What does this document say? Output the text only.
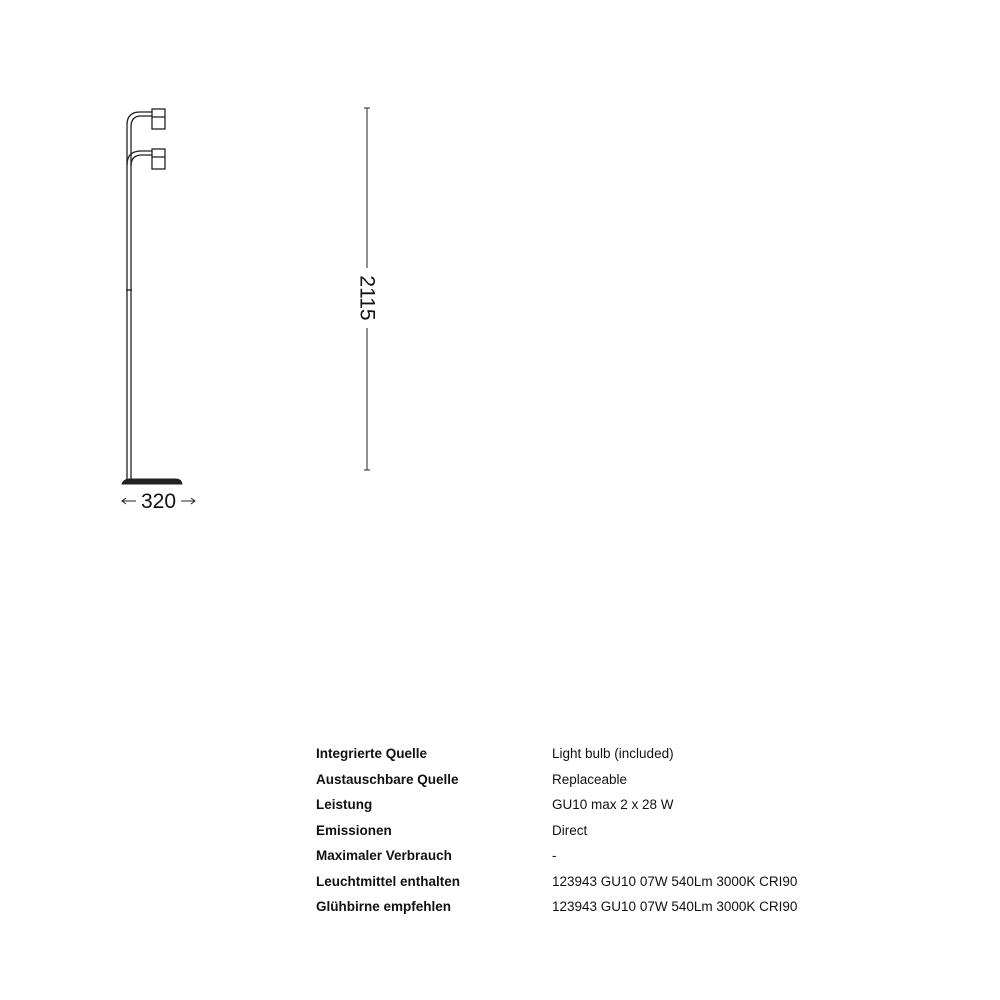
2115
320
Integrierte Quelle	Light bulb (included)
Austauschbare Quelle	Replaceable
Leistung	GU10 max 2 x 28 W
Emissionen	Direct
Maximaler Verbrauch	-
Leuchtmittel enthalten	123943 GU10 07W 540Lm 3000K CRI90
Glühbirne empfehlen	123943 GU10 07W 540Lm 3000K CRI90
